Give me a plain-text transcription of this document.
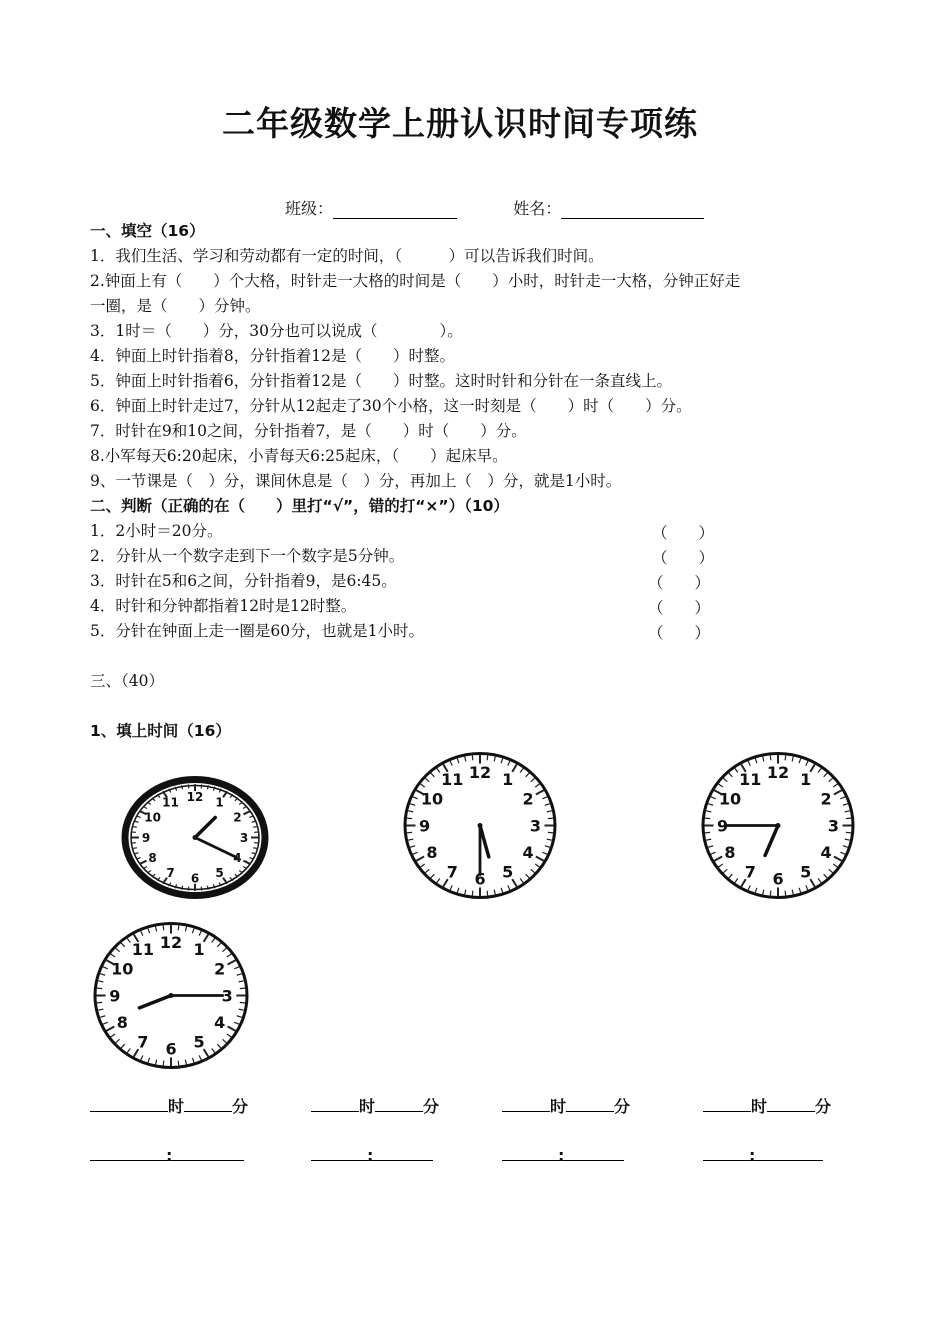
二年级数学上册认识时间专项练
班级：	姓名：
一、填空（16）
1．我们生活、学习和劳动都有一定的时间，（　　　）可以告诉我们时间。
2.钟面上有（　　）个大格，时针走一大格的时间是（　　）小时，时针走一大格，分钟正好走
一圈，是（　　）分钟。
3．1时＝（　　）分，30分也可以说成（　　　　）。
4．钟面上时针指着8，分针指着12是（　　）时整。
5．钟面上时针指着6，分针指着12是（　　）时整。这时时针和分针在一条直线上。
6．钟面上时针走过7，分针从12起走了30个小格，这一时刻是（　　）时（　　）分。
7．时针在9和10之间，分针指着7，是（　　）时（　　）分。
8.小军每天6:20起床，小青每天6:25起床，（　　）起床早。
9、一节课是（　）分，课间休息是（　）分，再加上（　）分，就是1小时。
二、判断（正确的在（　　）里打“√”，错的打“×”）（10）
1．2小时＝20分。	（　　）
2．分针从一个数字走到下一个数字是5分钟。	（　　）
3．时针在5和6之间，分针指着9，是6:45。	（　　）
4．时针和分钟都指着12时是12时整。	（　　）
5．分针在钟面上走一圈是60分，也就是1小时。	（　　）
三、（40）
1、填上时间（16）
12 1
2
3
4
5
6
7
8
9
10
11
12 1
2
3
4
5
6
7
8
9
10
11	12 1
2
3
4
5
6
7
8
9
10
11
12 1
2
3
4
5
6
7
8
9
10
11
时	分	时	分	时	分	时	分
:	:	:	:
